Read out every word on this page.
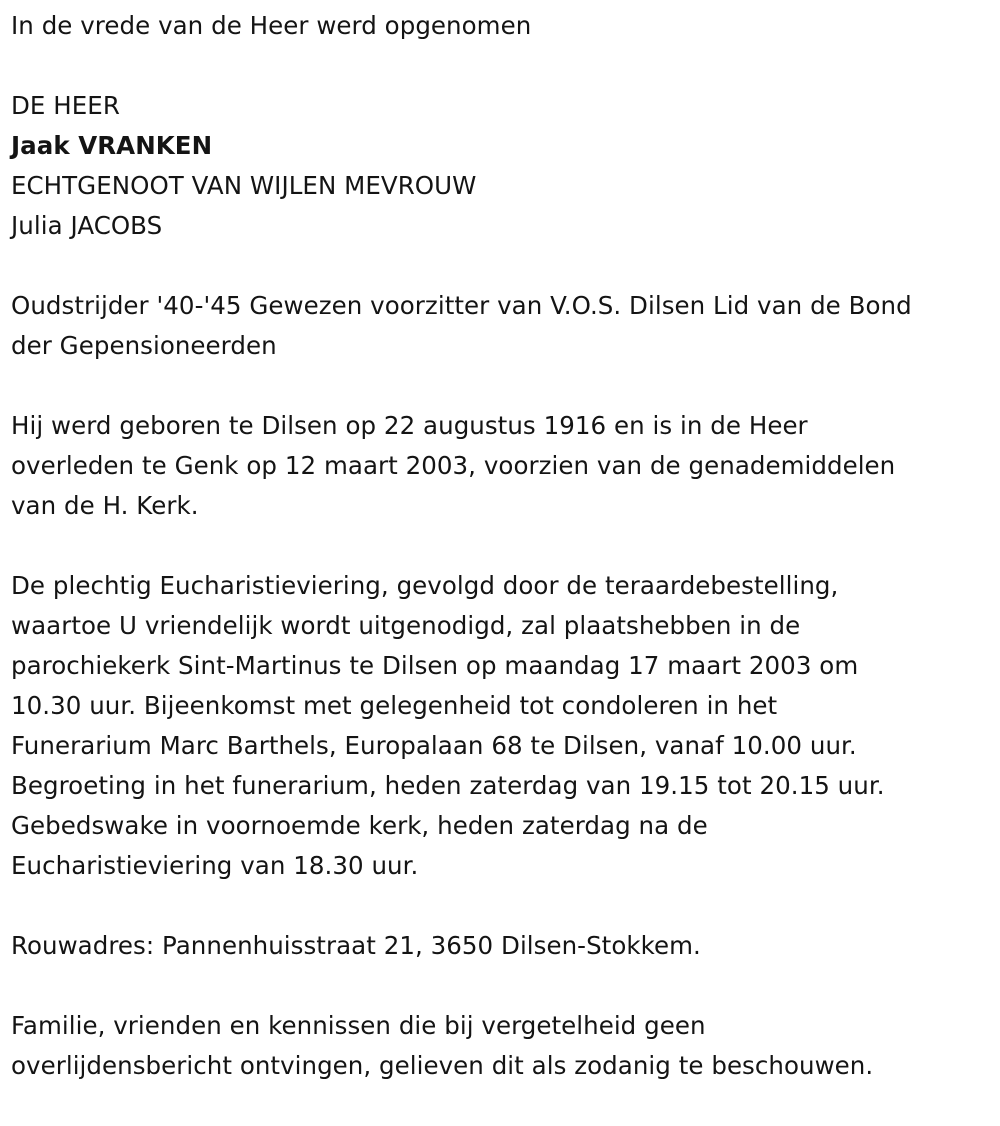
In de vrede van de Heer werd opgenomen
DE HEER
Jaak VRANKEN
ECHTGENOOT VAN WIJLEN MEVROUW
Julia JACOBS
Oudstrijder '40-'45 Gewezen voorzitter van V.O.S. Dilsen Lid van de Bond
der Gepensioneerden
Hij werd geboren te Dilsen op 22 augustus 1916 en is in de Heer
overleden te Genk op 12 maart 2003, voorzien van de genademiddelen
van de H. Kerk.
De plechtig Eucharistieviering, gevolgd door de teraardebestelling,
waartoe U vriendelijk wordt uitgenodigd, zal plaatshebben in de
parochiekerk Sint-Martinus te Dilsen op maandag 17 maart 2003 om
10.30 uur. Bijeenkomst met gelegenheid tot condoleren in het
Funerarium Marc Barthels, Europalaan 68 te Dilsen, vanaf 10.00 uur.
Begroeting in het funerarium, heden zaterdag van 19.15 tot 20.15 uur.
Gebedswake in voornoemde kerk, heden zaterdag na de
Eucharistieviering van 18.30 uur.
Rouwadres: Pannenhuisstraat 21, 3650 Dilsen-Stokkem.
Familie, vrienden en kennissen die bij vergetelheid geen
overlijdensbericht ontvingen, gelieven dit als zodanig te beschouwen.
